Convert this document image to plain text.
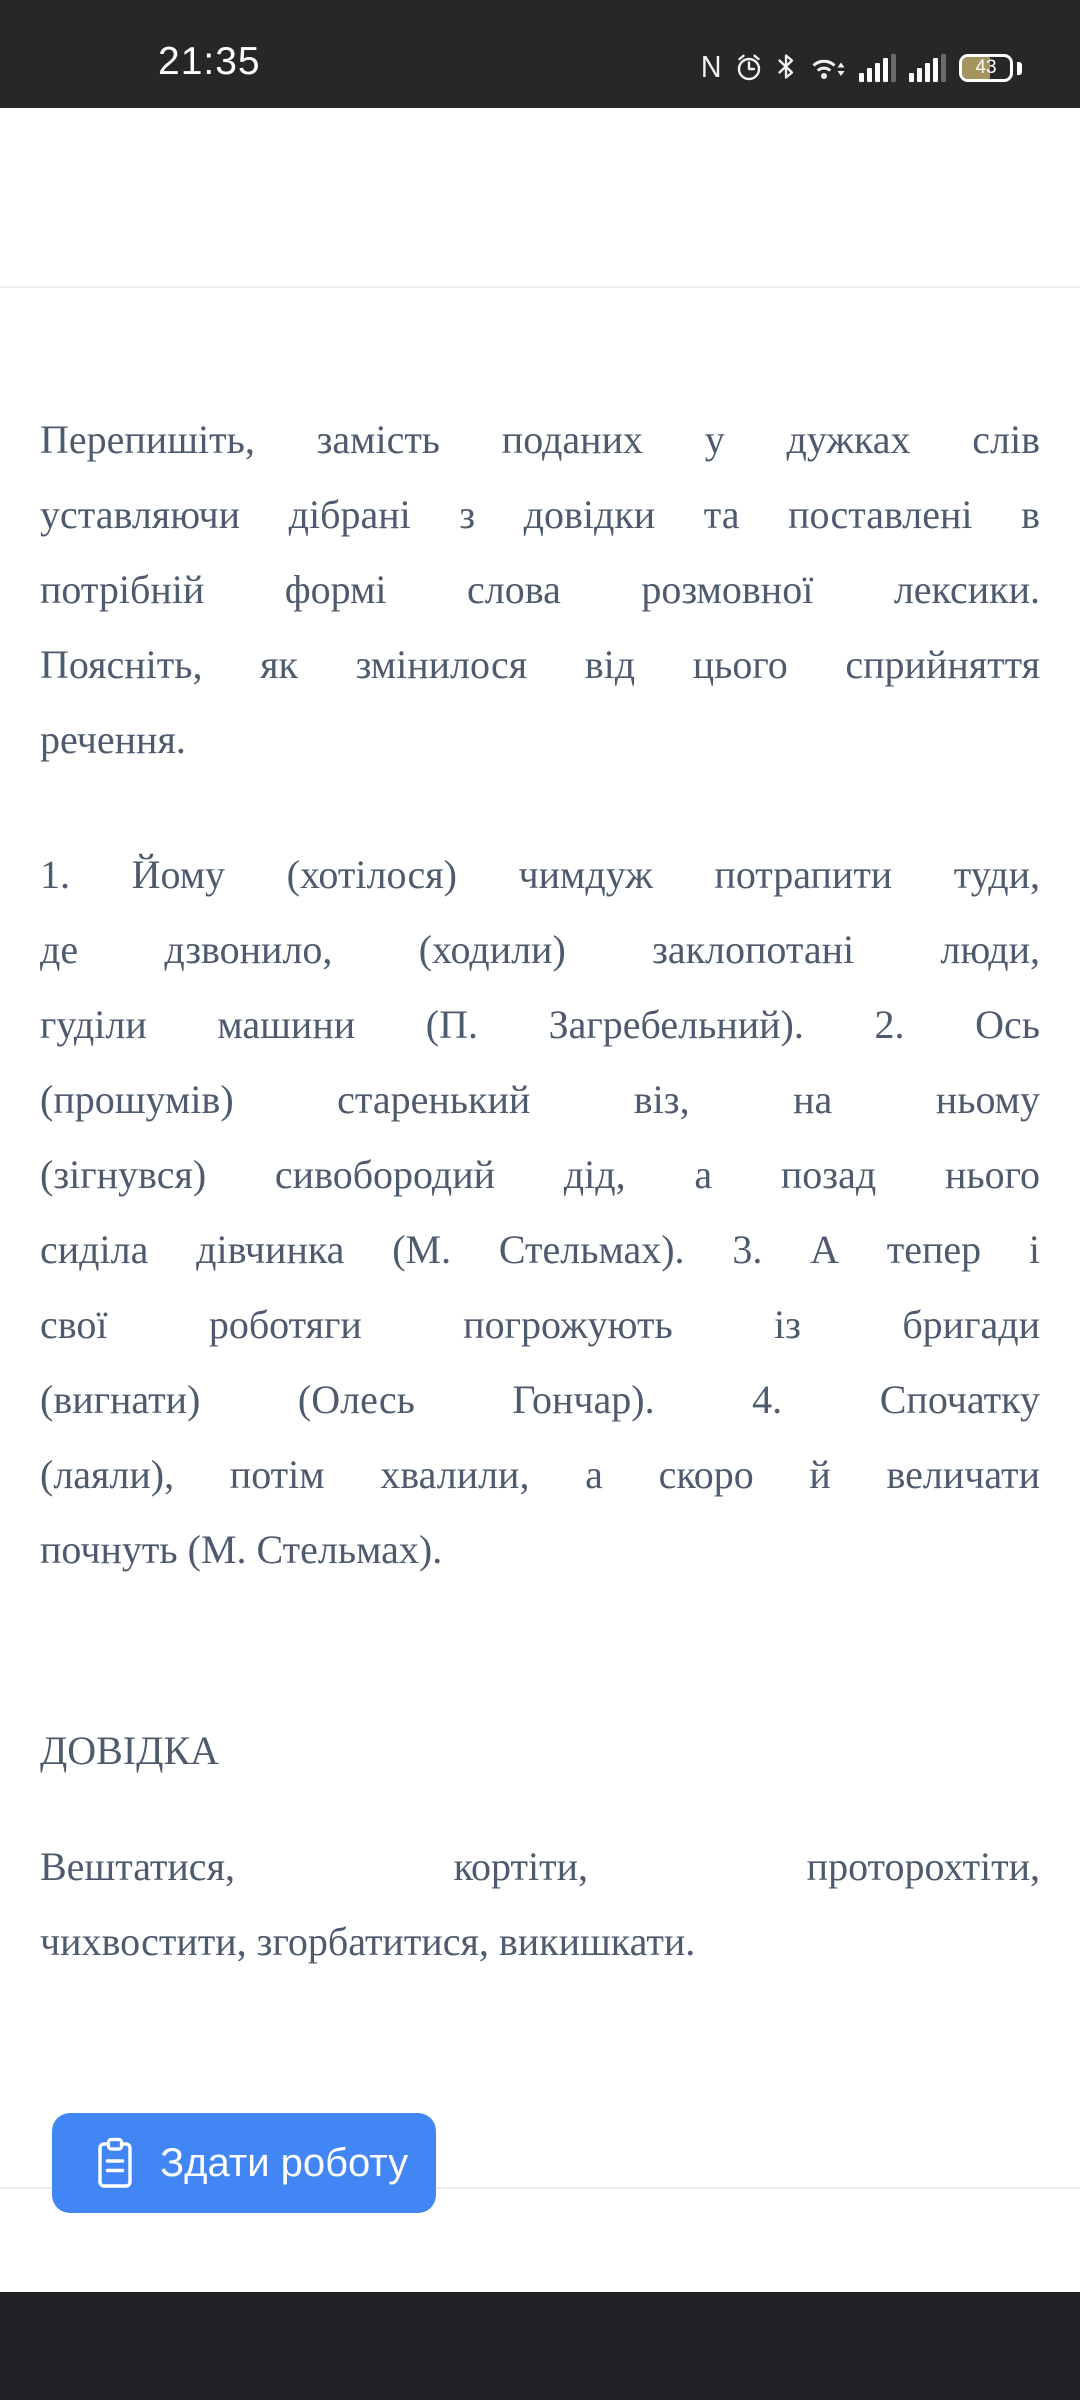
21:35	N	43
Перепишіть, замість поданих у дужках слів
уставляючи дібрані з довідки та поставлені в
потрібній формі слова розмовної лексики.
Поясніть, як змінилося від цього сприйняття
речення.
1. Йому (хотілося) чимдуж потрапити туди,
де дзвонило, (ходили) заклопотані люди,
гуділи машини (П. Загребельний). 2. Ось
(прошумів) старенький віз, на ньому
(зігнувся) сивобородий дід, а позад нього
сиділа дівчинка (М. Стельмах). 3. А тепер і
свої роботяги погрожують із бригади
(вигнати) (Олесь Гончар). 4. Спочатку
(лаяли), потім хвалили, а скоро й величати
почнуть (М. Стельмах).
ДОВІДКА
Вештатися, кортіти, проторохтіти,
чихвостити, згорбатитися, викишкати.
Здати роботу
